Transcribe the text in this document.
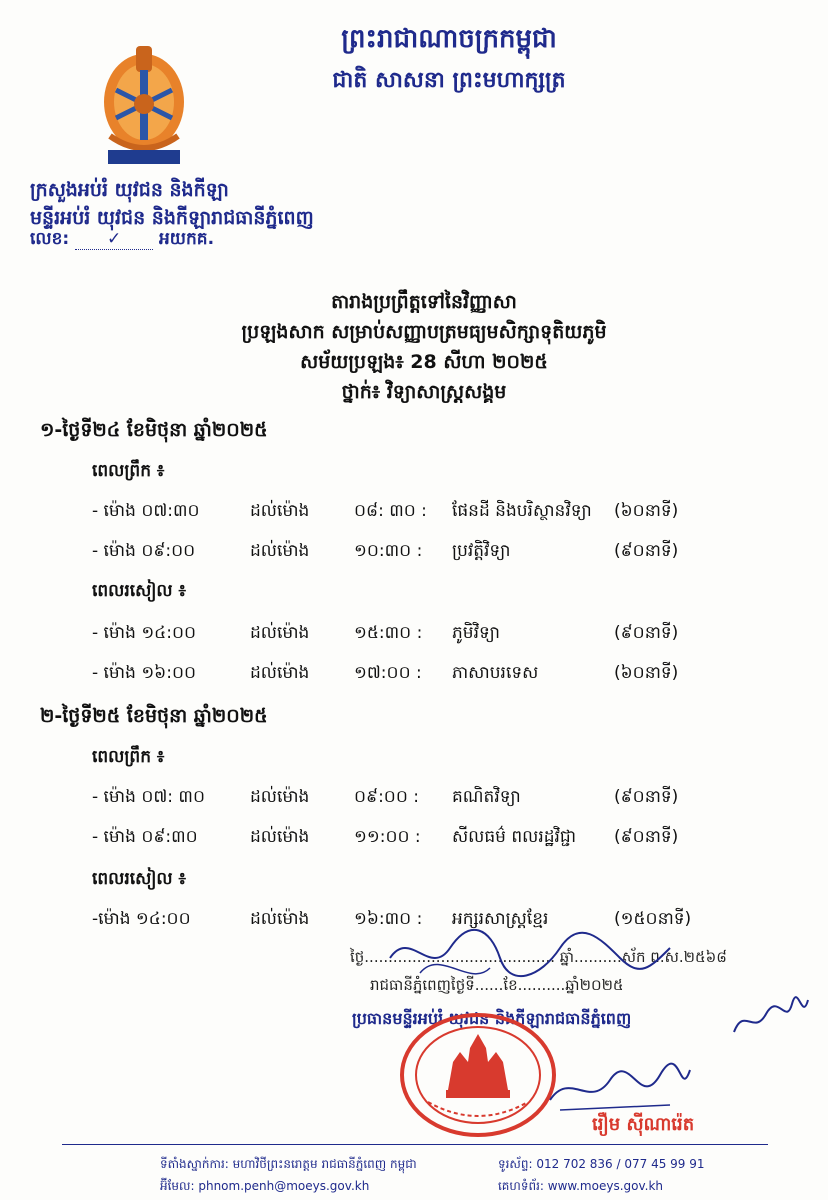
ព្រះរាជាណាចក្រកម្ពុជា
ជាតិ សាសនា ព្រះមហាក្សត្រ
ក្រសួងអប់រំ យុវជន និងកីឡា
មន្ទីរអប់រំ យុវជន និងកីឡារាជធានីភ្នំពេញ
លេខ: ✓ អយកគ.
តារាងប្រព្រឹត្តទៅនៃវិញ្ញាសា
ប្រឡងសាក សម្រាប់សញ្ញាបត្រមធ្យមសិក្សាទុតិយភូមិ
សម័យប្រឡង៖ 28 សីហា ២០២៥
ថ្នាក់៖ វិទ្យាសាស្ត្រសង្គម
១-ថ្ងៃទី២៤ ខែមិថុនា ឆ្នាំ២០២៥
ពេលព្រឹក ៖
- ម៉ោង ០៧:៣០	ដល់ម៉ោង	០៨: ៣០ : ផែនដី និងបរិស្ថានវិទ្យា (៦០នាទី)
- ម៉ោង ០៩:០០	ដល់ម៉ោង	១០:៣០ : ប្រវត្តិវិទ្យា	(៩០នាទី)
ពេលរសៀល ៖
- ម៉ោង ១៤:០០	ដល់ម៉ោង	១៥:៣០ : ភូមិវិទ្យា	(៩០នាទី)
- ម៉ោង ១៦:០០	ដល់ម៉ោង	១៧:០០ : ភាសាបរទេស	(៦០នាទី)
២-ថ្ងៃទី២៥ ខែមិថុនា ឆ្នាំ២០២៥
ពេលព្រឹក ៖
- ម៉ោង ០៧: ៣០	ដល់ម៉ោង	០៩:០០ : គណិតវិទ្យា	(៩០នាទី)
- ម៉ោង ០៩:៣០	ដល់ម៉ោង	១១:០០ : សីលធម៌ ពលរដ្ឋវិជ្ជា (៩០នាទី)
ពេលរសៀល ៖
-ម៉ោង ១៤:០០	ដល់ម៉ោង	១៦:៣០ : អក្សរសាស្ត្រខ្មែរ	(១៥០នាទី)
ថ្ងៃ........................................ ឆ្នាំ..........ស័ក ព.ស.២៥៦៨
រាជធានីភ្នំពេញថ្ងៃទី......ខែ..........ឆ្នាំ២០២៥
ប្រធានមន្ទីរអប់រំ យុវជន និងកីឡារាជធានីភ្នំពេញ
រឿម ស៊ីណារ៉េត
ទីតាំងស្នាក់ការ: មហាវិថីព្រះនរោត្តម រាជធានីភ្នំពេញ កម្ពុជា
អ៊ីមែល: phnom.penh@moeys.gov.kh
ទូរស័ព្ទ: 012 702 836 / 077 45 99 91
គេហទំព័រ: www.moeys.gov.kh
